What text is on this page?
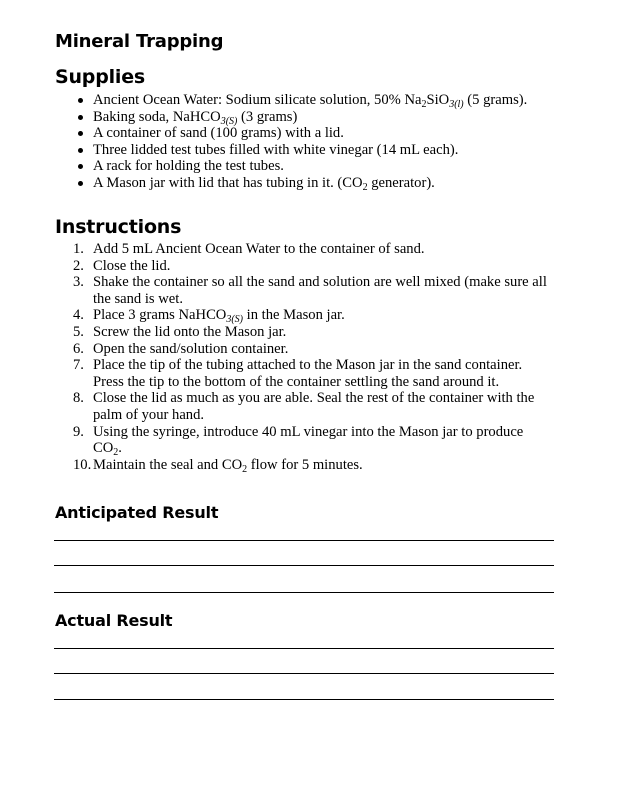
Mineral Trapping
Supplies
Ancient Ocean Water: Sodium silicate solution, 50% $Na_2SiO_{3(l)}$ (5 grams).
Baking soda, NaHCO$_{3(S)}$ (3 grams)
A container of sand (100 grams) with a lid.
Three lidded test tubes filled with white vinegar (14 mL each).
A rack for holding the test tubes.
A Mason jar with lid that has tubing in it. ($CO_2$ generator).
Instructions
1. Add 5 mL Ancient Ocean Water to the container of sand.
2. Close the lid.
3. Shake the container so all the sand and solution are well mixed (make sure all the sand is wet.
4. Place 3 grams NaHCO$_{3(S)}$ in the Mason jar.
5. Screw the lid onto the Mason jar.
6. Open the sand/solution container.
7. Place the tip of the tubing attached to the Mason jar in the sand container. Press the tip to the bottom of the container settling the sand around it.
8. Close the lid as much as you are able. Seal the rest of the container with the palm of your hand.
9. Using the syringe, introduce 40 mL vinegar into the Mason jar to produce $CO_2$.
10. Maintain the seal and $CO_2$ flow for 5 minutes.
Anticipated Result
Actual Result
